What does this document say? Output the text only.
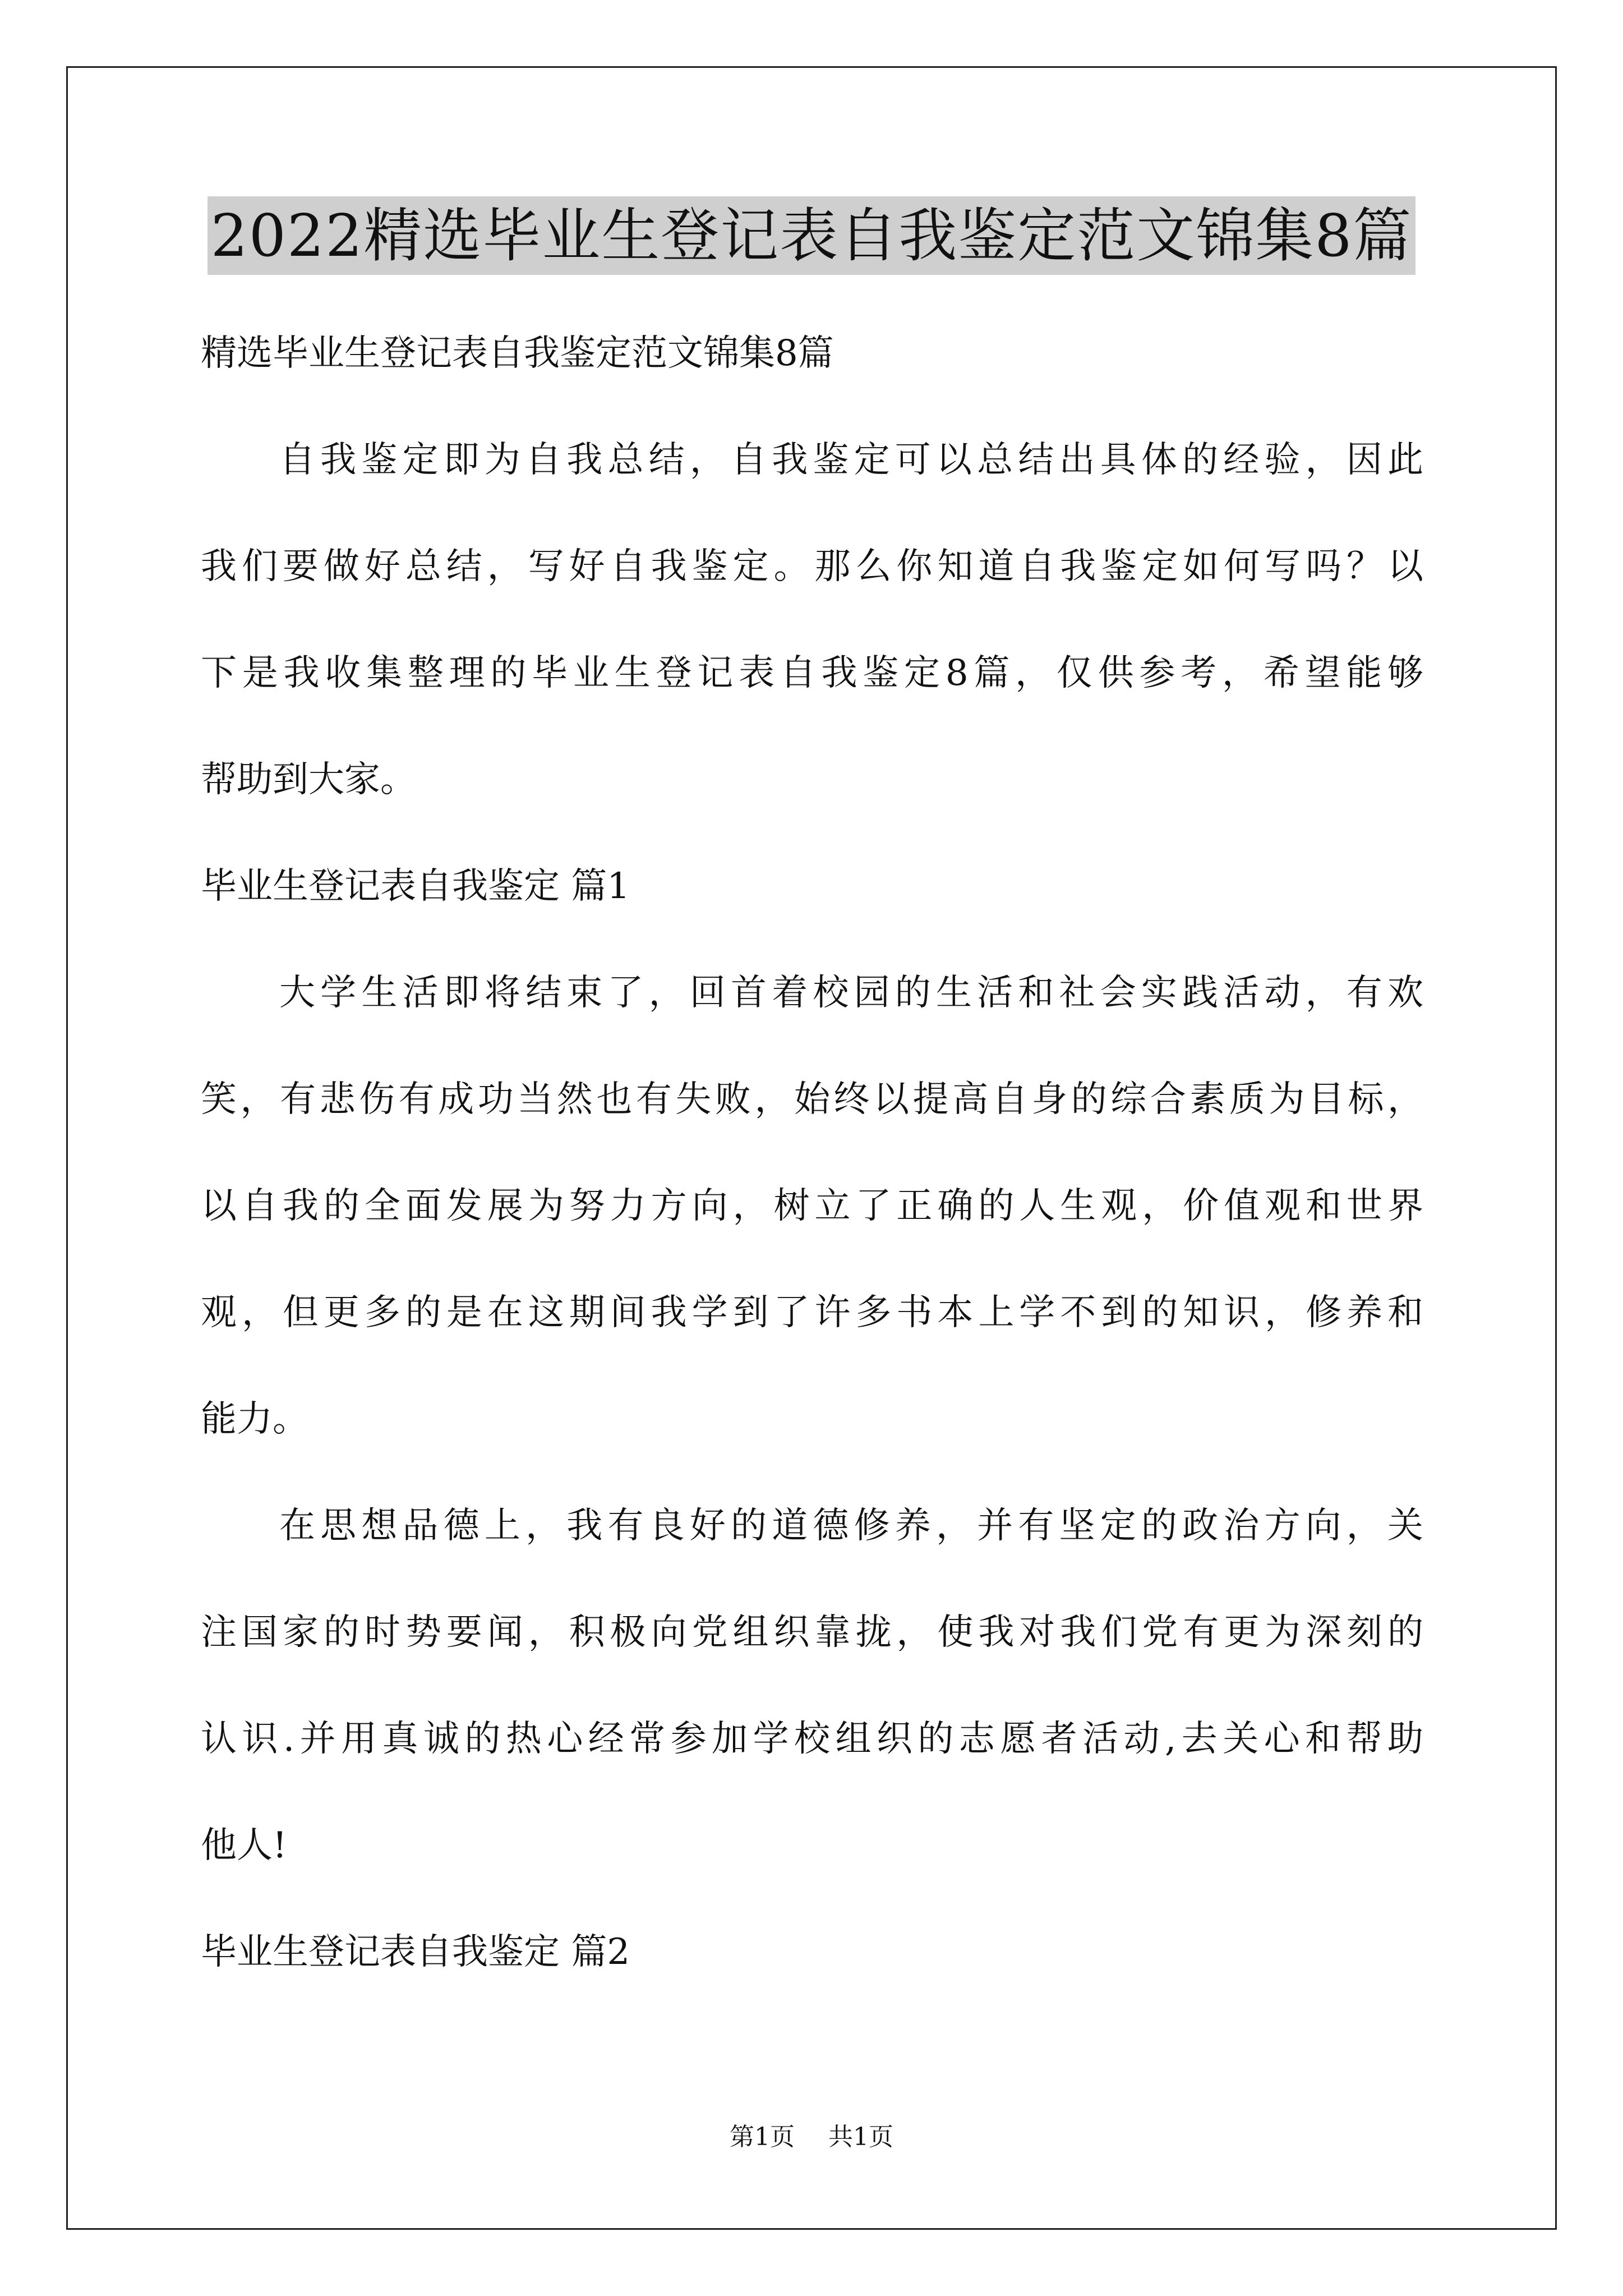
2022精选毕业生登记表自我鉴定范文锦集8篇
精选毕业生登记表自我鉴定范文锦集8篇
自我鉴定即为自我总结，自我鉴定可以总结出具体的经验，因此
我们要做好总结，写好自我鉴定。那么你知道自我鉴定如何写吗？以
下是我收集整理的毕业生登记表自我鉴定8篇，仅供参考，希望能够
帮助到大家。
毕业生登记表自我鉴定 篇1
大学生活即将结束了，回首着校园的生活和社会实践活动，有欢
笑，有悲伤有成功当然也有失败，始终以提高自身的综合素质为目标，
以自我的全面发展为努力方向，树立了正确的人生观，价值观和世界
观，但更多的是在这期间我学到了许多书本上学不到的知识，修养和
能力。
在思想品德上，我有良好的道德修养，并有坚定的政治方向，关
注国家的时势要闻，积极向党组织靠拢，使我对我们党有更为深刻的
认识.并用真诚的热心经常参加学校组织的志愿者活动,去关心和帮助
他人!
毕业生登记表自我鉴定 篇2
第1页 共1页
